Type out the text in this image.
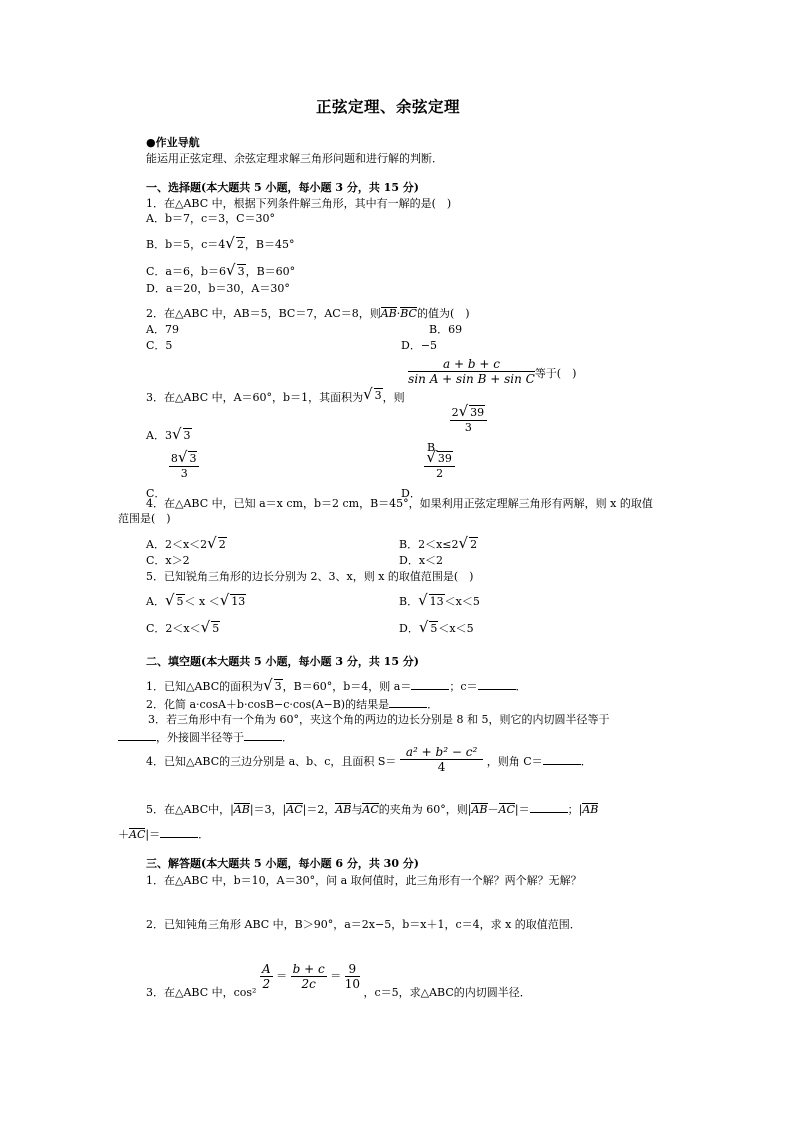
正弦定理、余弦定理
●作业导航
能运用正弦定理、余弦定理求解三角形问题和进行解的判断．
一、选择题(本大题共 5 小题，每小题 3 分，共 15 分)
1．在△ABC 中，根据下列条件解三角形，其中有一解的是(　)
A．b＝7，c＝3，C＝30°
B．b＝5，c＝4√ 2，B＝45°
C．a＝6，b＝6√ 3，B＝60°
D．a＝20，b＝30，A＝30°
2．在△ABC 中，AB＝5，BC＝7，AC＝8，则AB·BC的值为(　)
A．79	B．69
C．5	D．−5
3．在△ABC 中，A＝60°，b＝1，其面积为√ 3，则
$\frac{a + b + c}{\text{sin A + sin B + sin C}}$ 等于(　)
A．3√ 3
B．
$\frac{2√ 39}{3}$
C．
$\frac{8√ 3}{3}$
D．
$\frac{√ 39}{2}$
4．在△ABC 中，已知 a＝x cm，b＝2 cm，B＝45°，如果利用正弦定理解三角形有两解，则 x 的取值
范围是(　)
A．2＜x＜2√ 2	B．2＜x≤2√ 2
C．x＞2	D．x＜2
5．已知锐角三角形的边长分别为 2、3、x，则 x 的取值范围是(　)
A．√ 5＜ x ＜√ 13	B．√ 13＜x＜5
C．2＜x＜√ 5	D．√ 5＜x＜5
二、填空题(本大题共 5 小题，每小题 3 分，共 15 分)
1．已知△ABC的面积为√ 3，B＝60°，b＝4，则 a＝	；c＝	．
2．化简 a·cosA＋b·cosB−c·cos(A−B)的结果是	．
3．若三角形中有一个角为 60°，夹这个角的两边的边长分别是 8 和 5，则它的内切圆半径等于
，外接圆半径等于	．
4．已知△ABC的三边分别是 a、b、c，且面积 $S= \frac{\text{a² + b² − c²}}{4}$ ，则角 C＝	．
5．在△ABC中，|AB|＝3，|AC|＝2，AB与AC的夹角为 60°，则|AB－AC|＝	；|AB
＋AC|＝	．
三、解答题(本大题共 5 小题，每小题 6 分，共 30 分)
1．在△ABC 中，b＝10，A＝30°，问 a 取何值时，此三角形有一个解？两个解？无解？
2．已知钝角三角形 ABC 中，B＞90°，a＝2x−5，b＝x＋1，c＝4，求 x 的取值范围．
3．在△ABC 中，cos²
$\frac{A}{2} = \frac{b + c}{2c} = \frac{9}{10}$
，c＝5，求△ABC的内切圆半径．
